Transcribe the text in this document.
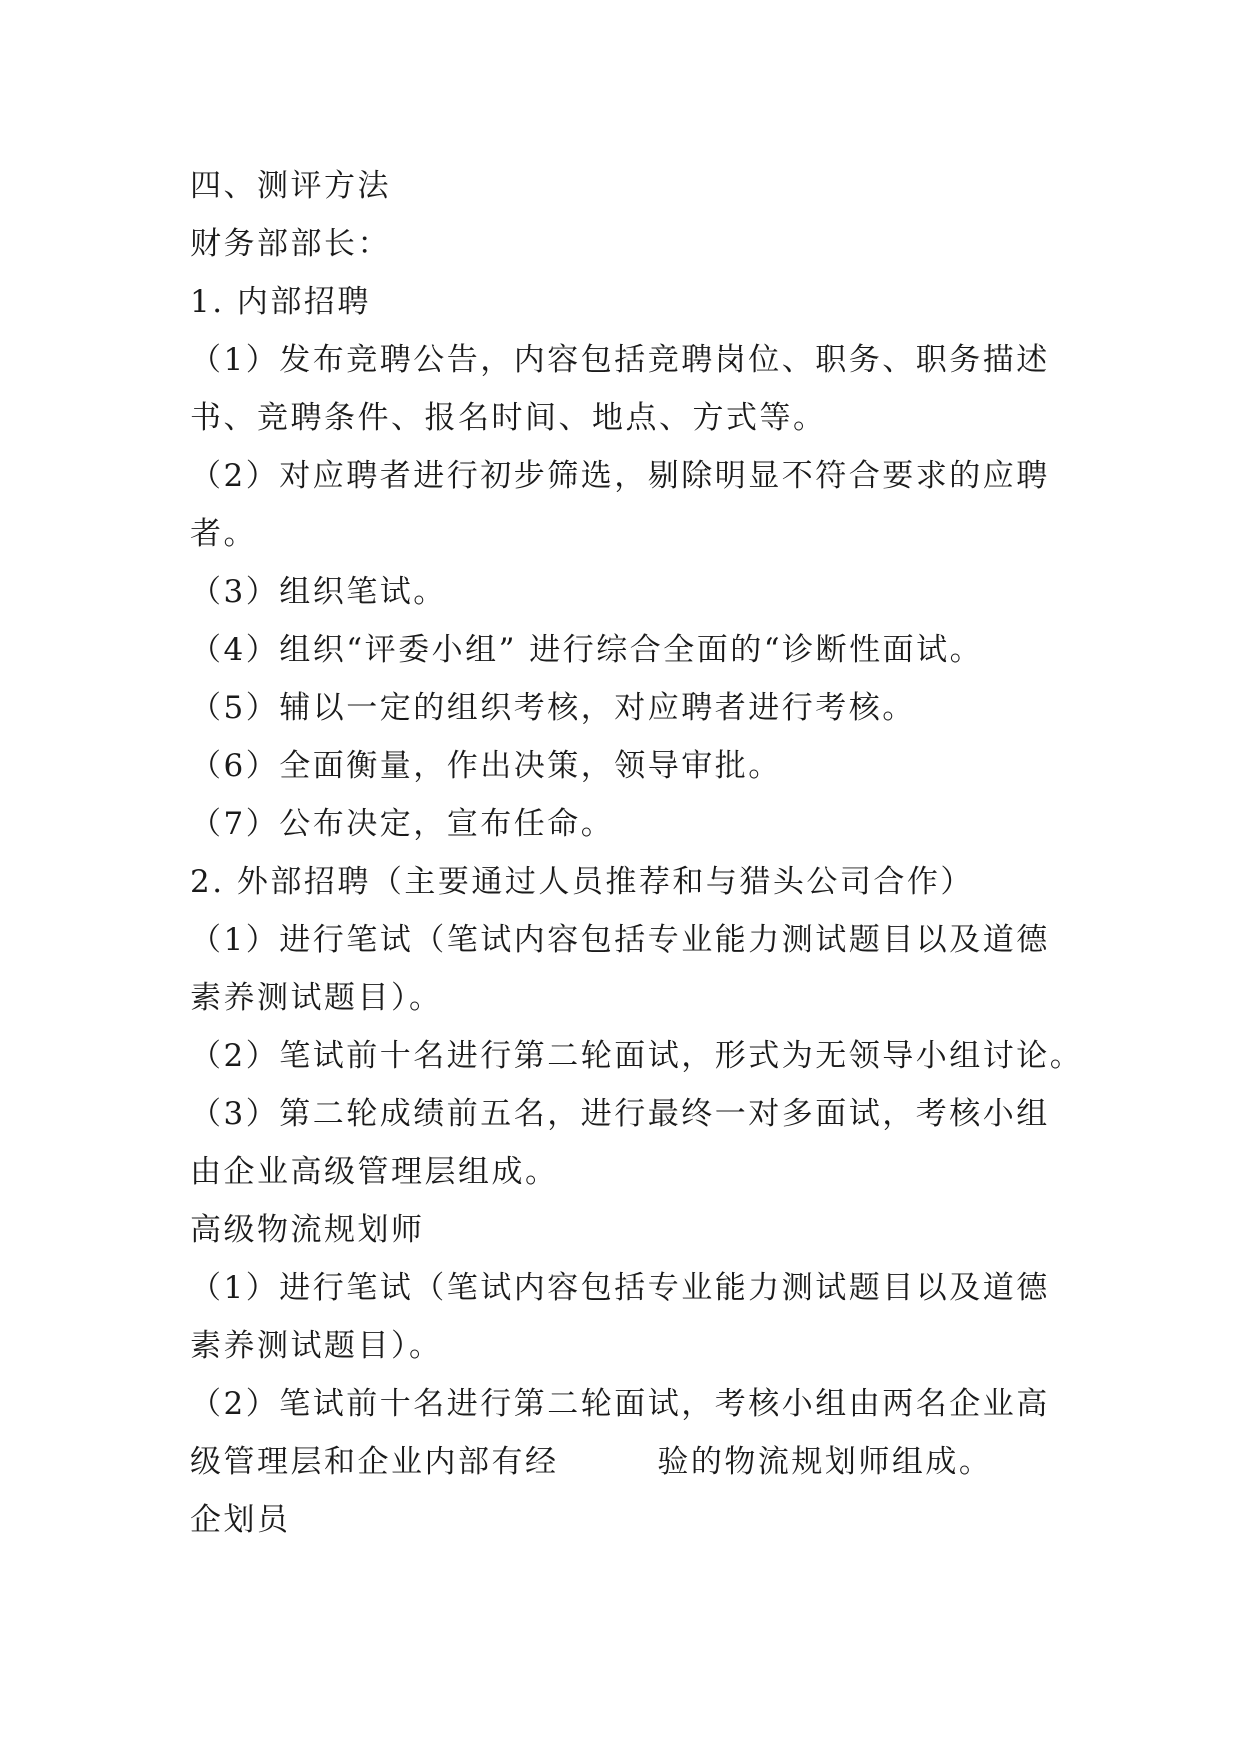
四、测评方法
财务部部长：
1. 内部招聘
（1）发布竞聘公告，内容包括竞聘岗位、职务、职务描述
书、竞聘条件、报名时间、地点、方式等。
（2）对应聘者进行初步筛选，剔除明显不符合要求的应聘
者。
（3）组织笔试。
（4）组织“评委小组” 进行综合全面的“诊断性面试。
（5）辅以一定的组织考核，对应聘者进行考核。
（6）全面衡量，作出决策，领导审批。
（7）公布决定，宣布任命。
2. 外部招聘（主要通过人员推荐和与猎头公司合作）
（1）进行笔试（笔试内容包括专业能力测试题目以及道德
素养测试题目）。
（2）笔试前十名进行第二轮面试，形式为无领导小组讨论。
（3）第二轮成绩前五名，进行最终一对多面试，考核小组
由企业高级管理层组成。
高级物流规划师
（1）进行笔试（笔试内容包括专业能力测试题目以及道德
素养测试题目）。
（2）笔试前十名进行第二轮面试，考核小组由两名企业高
级管理层和企业内部有经        验的物流规划师组成。
企划员
